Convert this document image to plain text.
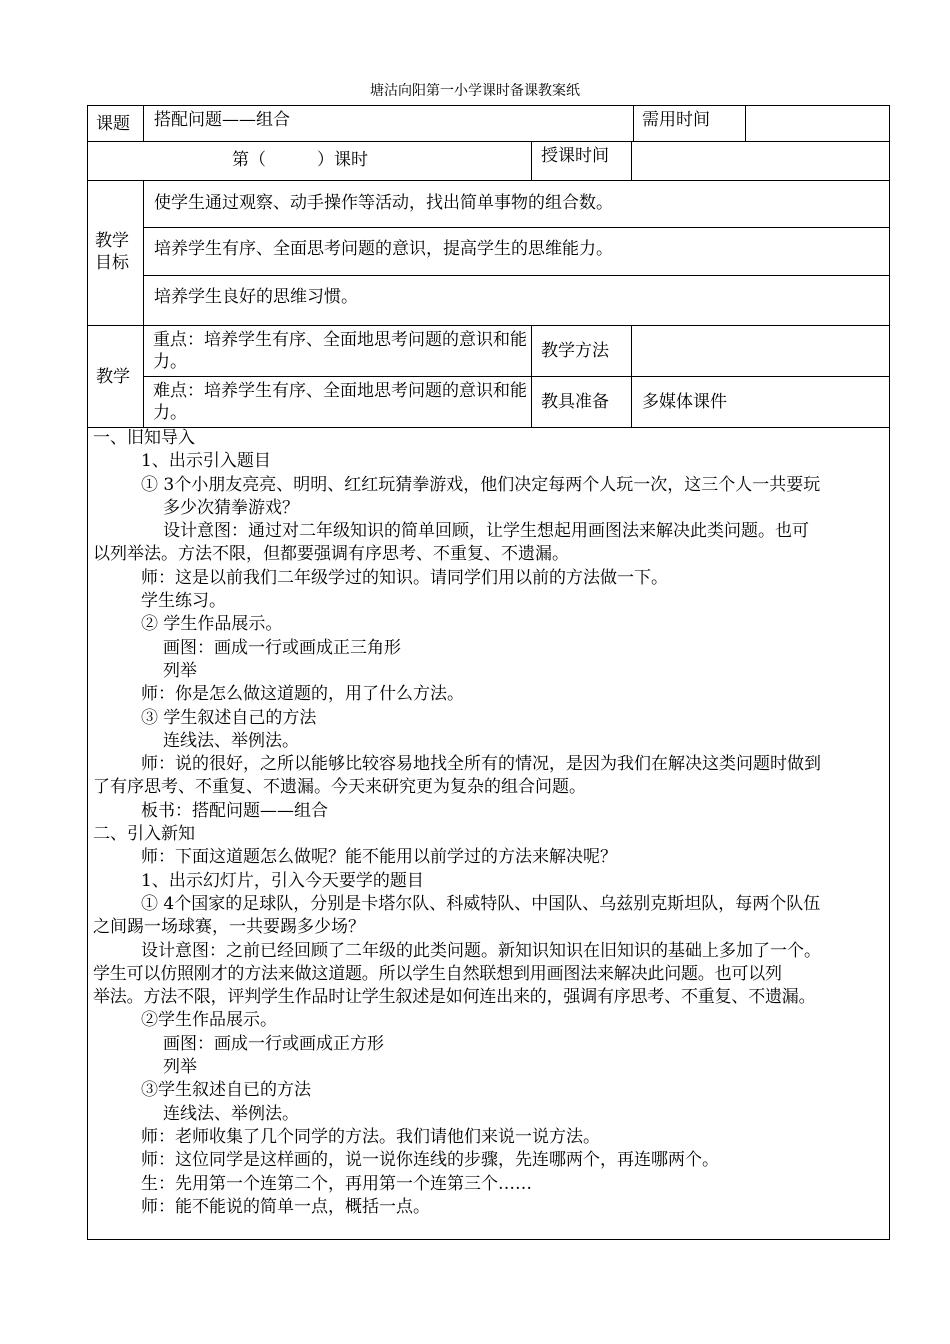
塘沽向阳第一小学课时备课教案纸
课题 搭配问题——组合	需用时间
第（　　　）课时	授课时间
教学目标
使学生通过观察、动手操作等活动，找出简单事物的组合数。
培养学生有序、全面思考问题的意识，提高学生的思维能力。
培养学生良好的思维习惯。
教学
重点：培养学生有序、全面地思考问题的意识和能力。
难点：培养学生有序、全面地思考问题的意识和能力。
教学方法
教具准备 多媒体课件
一、旧知导入
1、出示引入题目
① 3个小朋友亮亮、明明、红红玩猜拳游戏，他们决定每两个人玩一次，这三个人一共要玩
多少次猜拳游戏？
设计意图：通过对二年级知识的简单回顾，让学生想起用画图法来解决此类问题。也可
以列举法。方法不限，但都要强调有序思考、不重复、不遗漏。
师：这是以前我们二年级学过的知识。请同学们用以前的方法做一下。
学生练习。
② 学生作品展示。
画图：画成一行或画成正三角形
列举
师：你是怎么做这道题的，用了什么方法。
③ 学生叙述自己的方法
连线法、举例法。
师：说的很好，之所以能够比较容易地找全所有的情况，是因为我们在解决这类问题时做到
了有序思考、不重复、不遗漏。今天来研究更为复杂的组合问题。
板书：搭配问题——组合
二、引入新知
师：下面这道题怎么做呢？能不能用以前学过的方法来解决呢？
1、出示幻灯片，引入今天要学的题目
① 4个国家的足球队，分别是卡塔尔队、科威特队、中国队、乌兹别克斯坦队，每两个队伍
之间踢一场球赛，一共要踢多少场？
设计意图：之前已经回顾了二年级的此类问题。新知识知识在旧知识的基础上多加了一个。
学生可以仿照刚才的方法来做这道题。所以学生自然联想到用画图法来解决此问题。也可以列
举法。方法不限，评判学生作品时让学生叙述是如何连出来的，强调有序思考、不重复、不遗漏。
②学生作品展示。
画图：画成一行或画成正方形
列举
③学生叙述自已的方法
连线法、举例法。
师：老师收集了几个同学的方法。我们请他们来说一说方法。
师：这位同学是这样画的，说一说你连线的步骤，先连哪两个，再连哪两个。
生：先用第一个连第二个，再用第一个连第三个……
师：能不能说的简单一点，概括一点。
